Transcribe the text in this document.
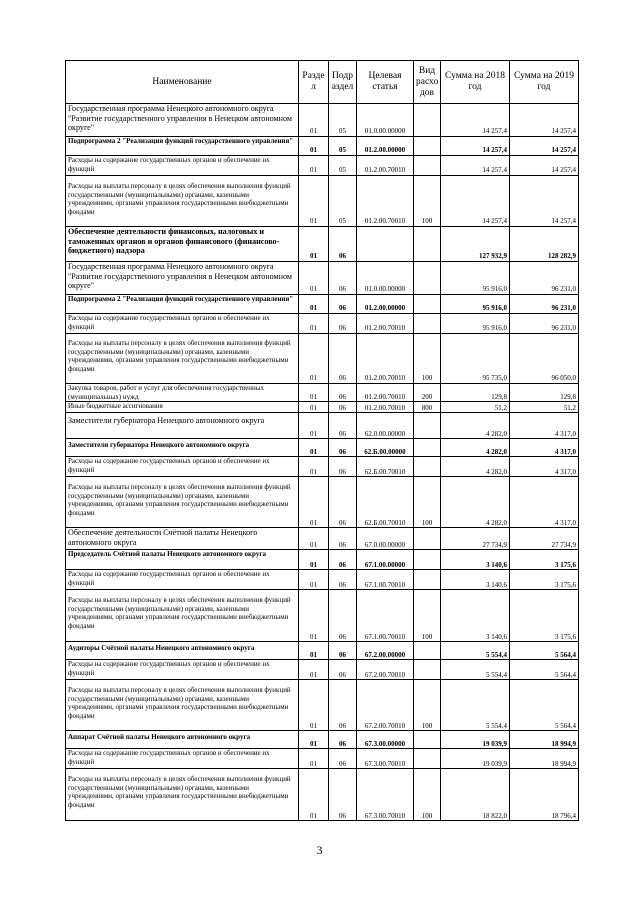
Наименование	Разде л	Подр аздел	Целевая статья	Вид расхо дов	Сумма на 2018 год	Сумма на 2019 год
Государственная программа Ненецкого автономного округа "Развитие государственного управления в Ненецком автономном округе"	01	05	01.0.00.00000		14 257,4	14 257,4
Подпрограмма 2 "Реализация функций государственного управления"	01	05	01.2.00.00000		14 257,4	14 257,4
Расходы на содержание государственных органов и обеспечение их функций	01	05	01.2.00.70010		14 257,4	14 257,4
Расходы на выплаты персоналу в целях обеспечения выполнения функций государственными (муниципальными) органами, казенными учреждениями, органами управления государственными внебюджетными фондами	01	05	01.2.00.70010	100	14 257,4	14 257,4
Обеспечение деятельности финансовых, налоговых и таможенных органов и органов финансового (финансово-бюджетного) надзора	01	06			127 932,9	128 282,9
Государственная программа Ненецкого автономного округа "Развитие государственного управления в Ненецком автономном округе"	01	06	01.0.00.00000		95 916,0	96 231,0
Подпрограмма 2 "Реализация функций государственного управления"	01	06	01.2.00.00000		95 916,0	96 231,0
Расходы на содержание государственных органов и обеспечение их функций	01	06	01.2.00.70010		95 916,0	96 231,0
Расходы на выплаты персоналу в целях обеспечения выполнения функций государственными (муниципальными) органами, казенными учреждениями, органами управления государственными внебюджетными фондами	01	06	01.2.00.70010	100	95 735,0	96 050,0
Закупка товаров, работ и услуг для обеспечения государственных (муниципальных) нужд	01	06	01.2.00.70010	200	129,8	129,8
Иные бюджетные ассигнования	01	06	01.2.00.70010	800	51,2	51,2
Заместители губернатора Ненецкого автономного округа	01	06	62.0.00.00000		4 282,0	4 317,0
Заместители губернатора Ненецкого автономного округа	01	06	62.Б.00.00000		4 282,0	4 317,0
Расходы на содержание государственных органов и обеспечение их функций	01	06	62.Б.00.70010		4 282,0	4 317,0
Расходы на выплаты персоналу в целях обеспечения выполнения функций государственными (муниципальными) органами, казенными учреждениями, органами управления государственными внебюджетными фондами	01	06	62.Б.00.70010	100	4 282,0	4 317,0
Обеспечение деятельности Счётной палаты Ненецкого автономного округа	01	06	67.0.00.00000		27 734,9	27 734,9
Председатель Счётной палаты Ненецкого автономного округа	01	06	67.1.00.00000		3 140,6	3 175,6
Расходы на содержание государственных органов и обеспечение их функций	01	06	67.1.00.70010		3 140,6	3 175,6
Расходы на выплаты персоналу в целях обеспечения выполнения функций государственными (муниципальными) органами, казенными учреждениями, органами управления государственными внебюджетными фондами	01	06	67.1.00.70010	100	3 140,6	3 175,6
Аудиторы Счётной палаты Ненецкого автономного округа	01	06	67.2.00.00000		5 554,4	5 564,4
Расходы на содержание государственных органов и обеспечение их функций	01	06	67.2.00.70010		5 554,4	5 564,4
Расходы на выплаты персоналу в целях обеспечения выполнения функций государственными (муниципальными) органами, казенными учреждениями, органами управления государственными внебюджетными фондами	01	06	67.2.00.70010	100	5 554,4	5 564,4
Аппарат Счётной палаты Ненецкого автономного округа	01	06	67.3.00.00000		19 039,9	18 994,9
Расходы на содержание государственных органов и обеспечение их функций	01	06	67.3.00.70010		19 039,9	18 994,9
Расходы на выплаты персоналу в целях обеспечения выполнения функций государственными (муниципальными) органами, казенными учреждениями, органами управления государственными внебюджетными фондами	01	06	67.3.00.70010	100	18 822,0	18 796,4
3
